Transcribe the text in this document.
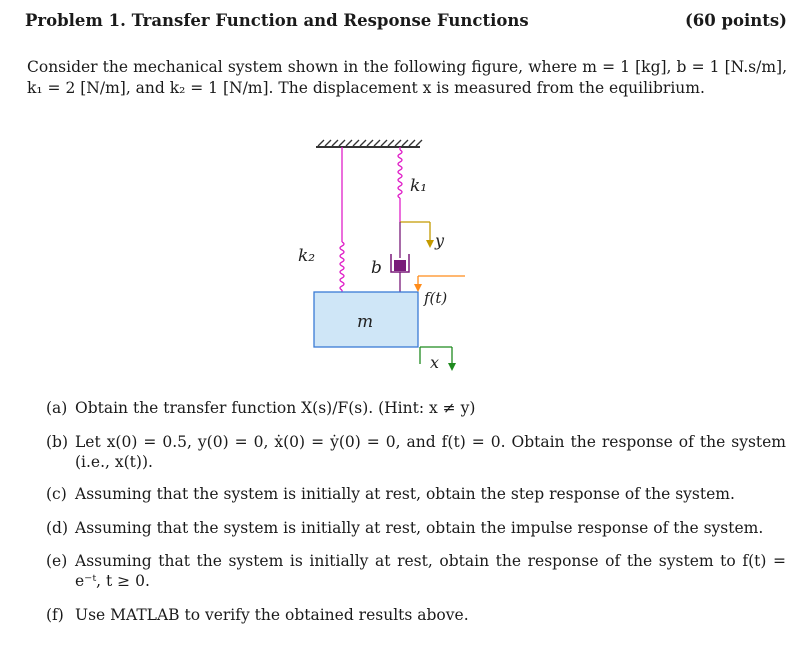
Problem 1. Transfer Function and Response Functions	(60 points)
Consider the mechanical system shown in the following figure, where m = 1 [kg], b = 1 [N.s/m], k₁ = 2 [N/m], and k₂ = 1 [N/m]. The displacement x is measured from the equilibrium.
k₁
k₂
b
y
f(t)
m
x
(a) Obtain the transfer function X(s)/F(s). (Hint: x ≠ y)
(b) Let x(0) = 0.5, y(0) = 0, ẋ(0) = ẏ(0) = 0, and f(t) = 0. Obtain the response of the system (i.e., x(t)).
(c) Assuming that the system is initially at rest, obtain the step response of the system.
(d) Assuming that the system is initially at rest, obtain the impulse response of the system.
(e) Assuming that the system is initially at rest, obtain the response of the system to f(t) = e⁻ᵗ, t ≥ 0.
(f) Use MATLAB to verify the obtained results above.
